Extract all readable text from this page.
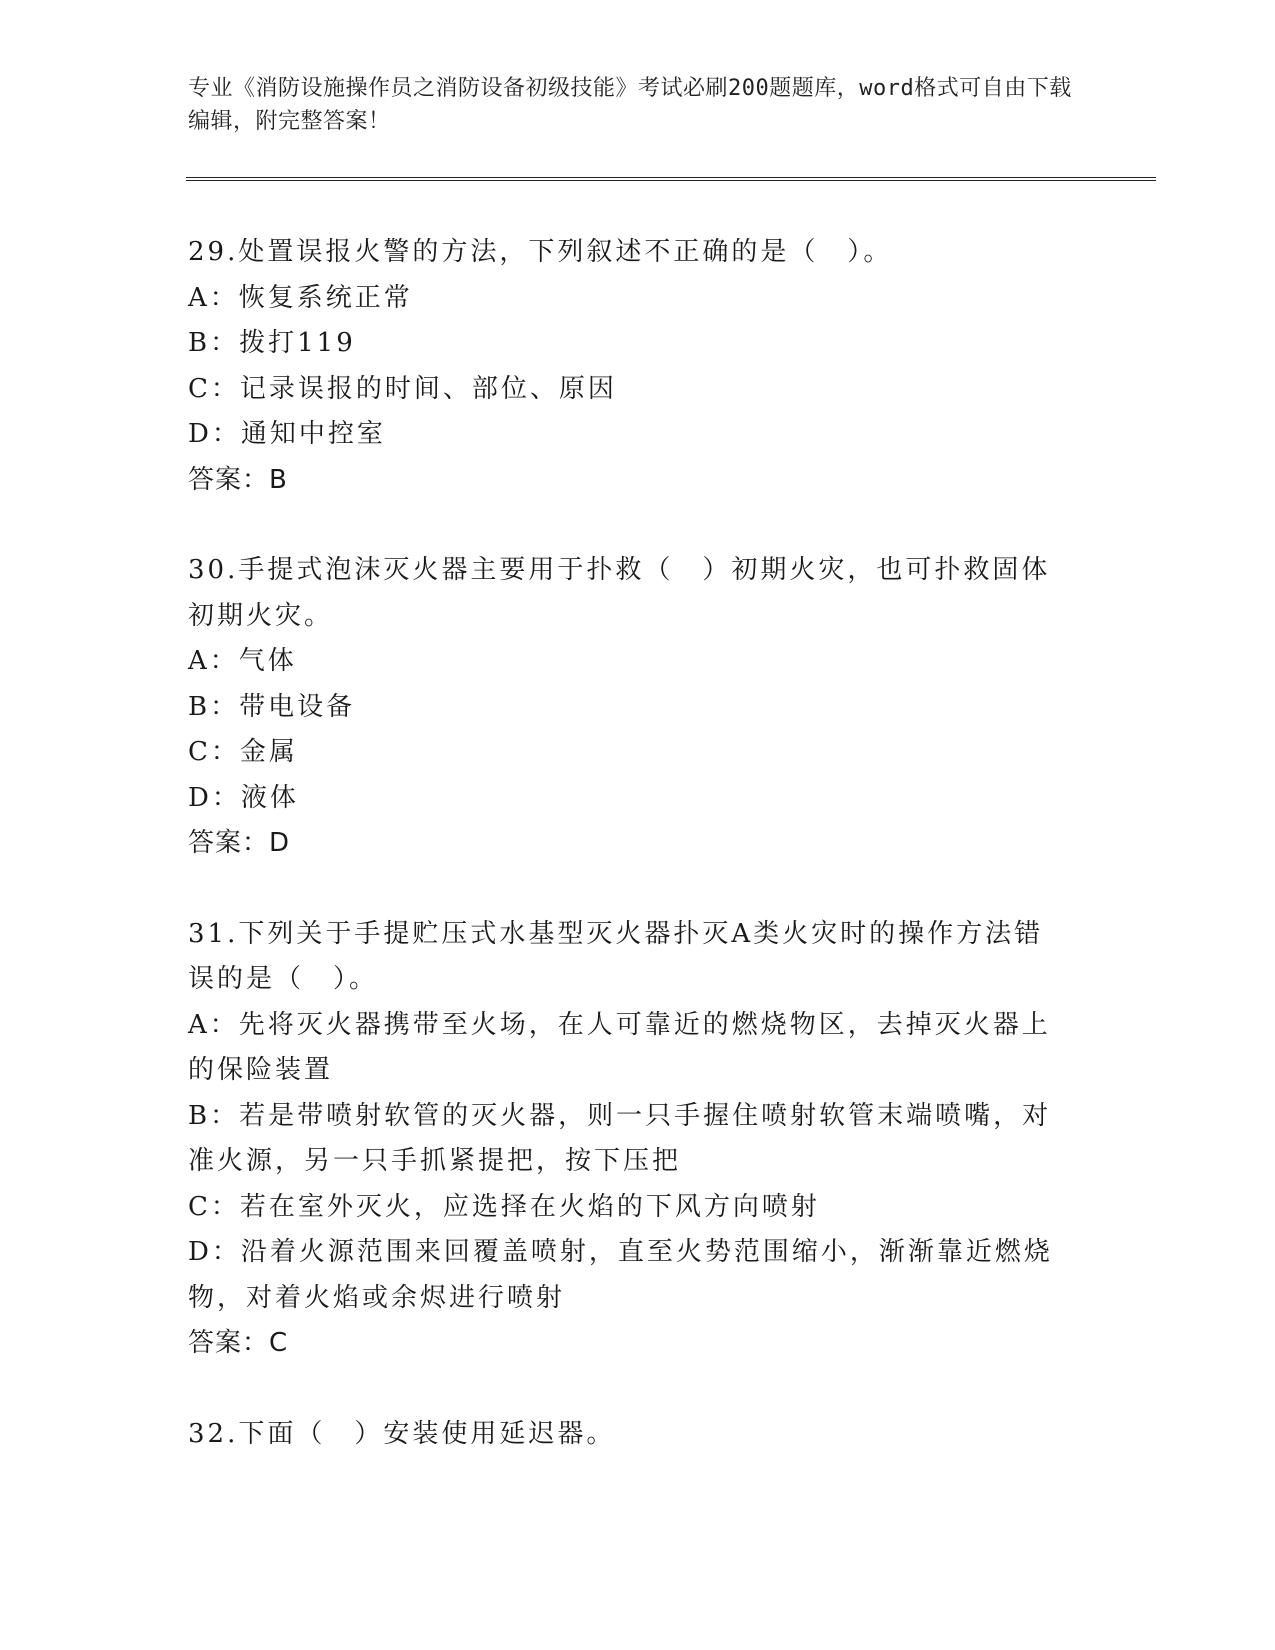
专业《消防设施操作员之消防设备初级技能》考试必刷200题题库，word格式可自由下载编辑，附完整答案！

29.处置误报火警的方法，下列叙述不正确的是（　）。

A：恢复系统正常

B：拨打119

C：记录误报的时间、部位、原因

D：通知中控室

答案：B

30.手提式泡沫灭火器主要用于扑救（　）初期火灾，也可扑救固体初期火灾。

A：气体

B：带电设备

C：金属

D：液体

答案：D

31.下列关于手提贮压式水基型灭火器扑灭A类火灾时的操作方法错误的是（　）。

A：先将灭火器携带至火场，在人可靠近的燃烧物区，去掉灭火器上的保险装置

B：若是带喷射软管的灭火器，则一只手握住喷射软管末端喷嘴，对准火源，另一只手抓紧提把，按下压把

C：若在室外灭火，应选择在火焰的下风方向喷射

D：沿着火源范围来回覆盖喷射，直至火势范围缩小，渐渐靠近燃烧物，对着火焰或余烬进行喷射

答案：C

32.下面（　）安装使用延迟器。
